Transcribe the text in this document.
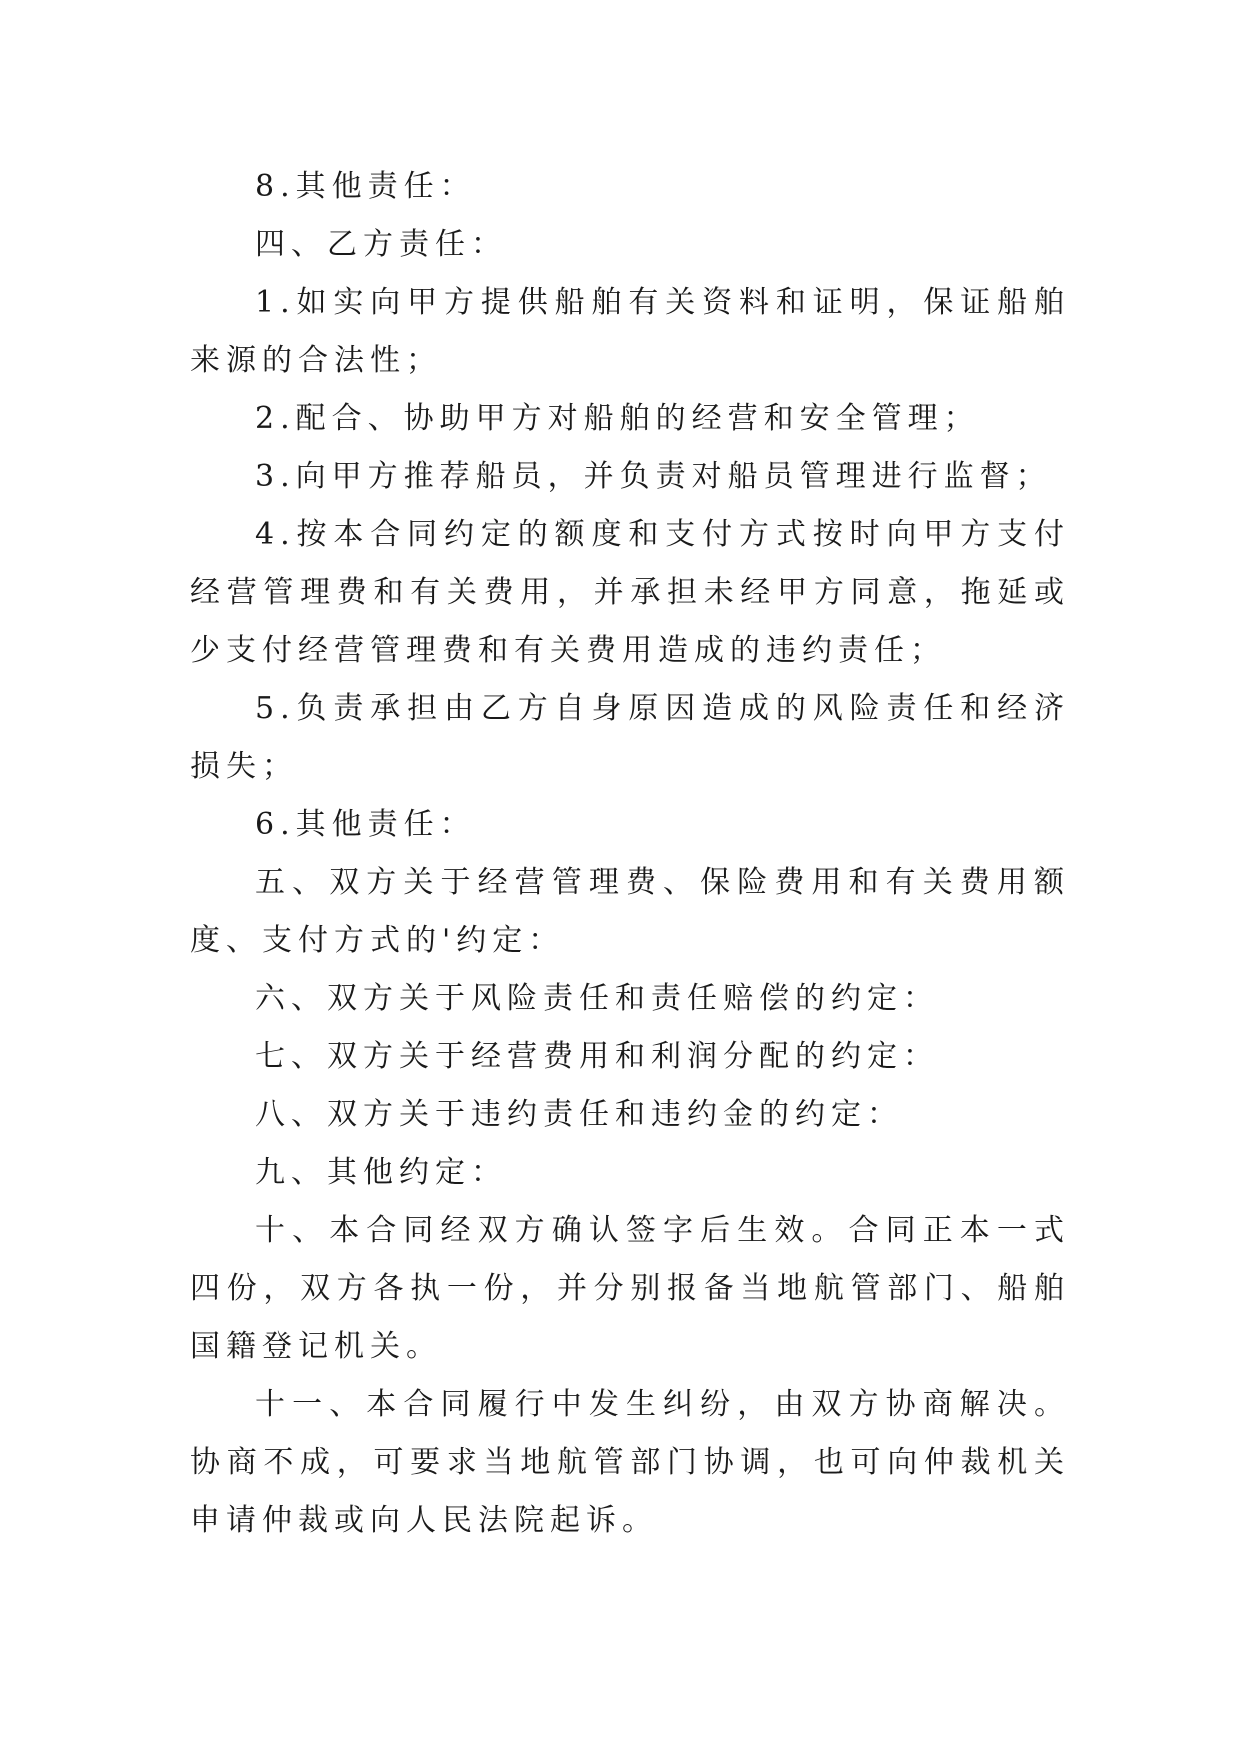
8.其他责任：

四、乙方责任：

1.如实向甲方提供船舶有关资料和证明，保证船舶来源的合法性；

2.配合、协助甲方对船舶的经营和安全管理；

3.向甲方推荐船员，并负责对船员管理进行监督；

4.按本合同约定的额度和支付方式按时向甲方支付经营管理费和有关费用，并承担未经甲方同意，拖延或少支付经营管理费和有关费用造成的违约责任；

5.负责承担由乙方自身原因造成的风险责任和经济损失；

6.其他责任：

五、双方关于经营管理费、保险费用和有关费用额度、支付方式的'约定：

六、双方关于风险责任和责任赔偿的约定：

七、双方关于经营费用和利润分配的约定：

八、双方关于违约责任和违约金的约定：

九、其他约定：

十、本合同经双方确认签字后生效。合同正本一式四份，双方各执一份，并分别报备当地航管部门、船舶国籍登记机关。

十一、本合同履行中发生纠纷，由双方协商解决。协商不成，可要求当地航管部门协调，也可向仲裁机关申请仲裁或向人民法院起诉。
